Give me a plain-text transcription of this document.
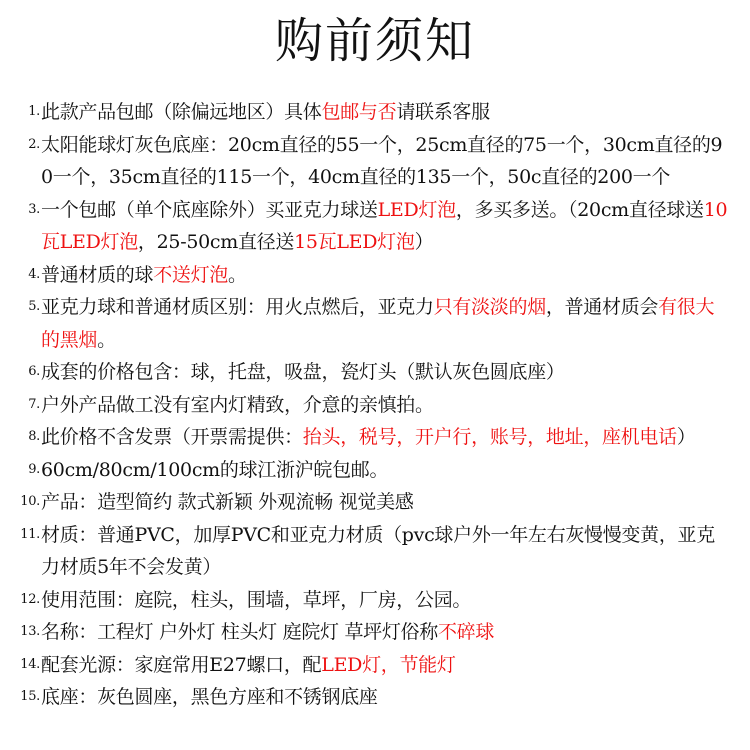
购前须知
1. 此款产品包邮（除偏远地区）具体包邮与否请联系客服
2. 太阳能球灯灰色底座：20cm直径的55一个，25cm直径的75一个，30cm直径的90一个，35cm直径的115一个，40cm直径的135一个，50c直径的200一个
3. 一个包邮（单个底座除外）买亚克力球送LED灯泡，多买多送。（20cm直径球送10瓦LED灯泡，25-50cm直径送15瓦LED灯泡）
4. 普通材质的球不送灯泡。
5. 亚克力球和普通材质区别：用火点燃后，亚克力只有淡淡的烟，普通材质会有很大的黑烟。
6. 成套的价格包含：球，托盘，吸盘，瓷灯头（默认灰色圆底座）
7. 户外产品做工没有室内灯精致，介意的亲慎拍。
8. 此价格不含发票（开票需提供：抬头，税号，开户行，账号，地址，座机电话）
9. 60cm/80cm/100cm的球江浙沪皖包邮。
10. 产品：造型简约 款式新颖 外观流畅 视觉美感
11. 材质：普通PVC，加厚PVC和亚克力材质（pvc球户外一年左右灰慢慢变黄，亚克力材质5年不会发黄）
12. 使用范围：庭院，柱头，围墙，草坪，厂房，公园。
13. 名称：工程灯 户外灯 柱头灯 庭院灯 草坪灯俗称不碎球
14. 配套光源：家庭常用E27螺口，配LED灯，节能灯
15. 底座：灰色圆座，黑色方座和不锈钢底座
